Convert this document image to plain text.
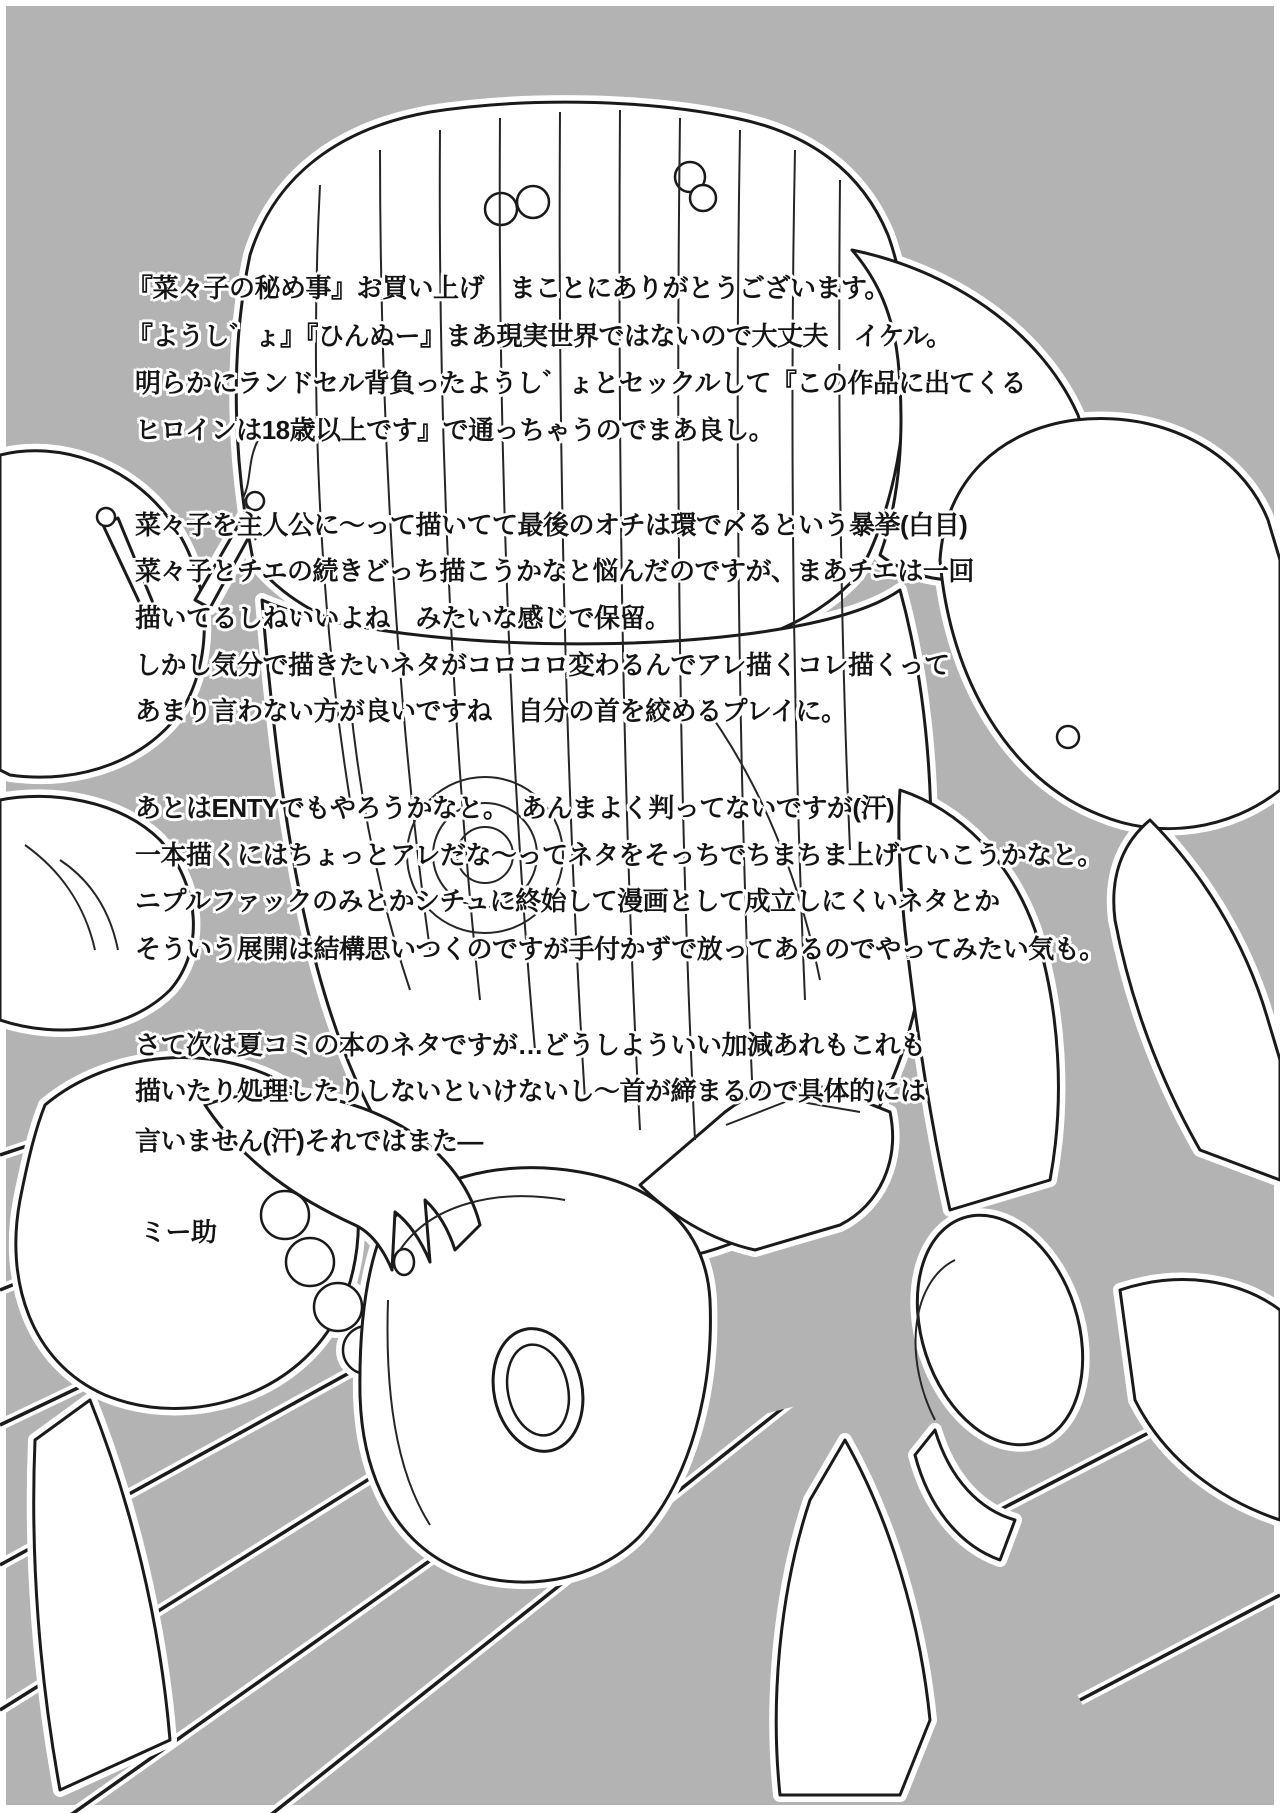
『菜々子の秘め事』お買い上げ　まことにありがとうございます。
『ようし゛ょ』『ひんぬー』まあ現実世界ではないので大丈夫　イケル。
明らかにランドセル背負ったようし゛ょとセックルして『この作品に出てくる
ヒロインは18歳以上です』で通っちゃうのでまあ良し。
菜々子を主人公に〜って描いてて最後のオチは環で〆るという暴挙(白目)
菜々子とチエの続きどっち描こうかなと悩んだのですが、まあチエは一回
描いてるしねいいよね　みたいな感じで保留。
しかし気分で描きたいネタがコロコロ変わるんでアレ描くコレ描くって
あまり言わない方が良いですね　自分の首を絞めるプレイに。
あとはENTYでもやろうかなと。　あんまよく判ってないですが(汗)
一本描くにはちょっとアレだな〜ってネタをそっちでちまちま上げていこうかなと。
ニプルファックのみとかシチュに終始して漫画として成立しにくいネタとか
そういう展開は結構思いつくのですが手付かずで放ってあるのでやってみたい気も。
さて次は夏コミの本のネタですが…どうしよういい加減あれもこれも
描いたり処理したりしないといけないし〜首が締まるので具体的には
言いません(汗)それではまた―
ミー助
